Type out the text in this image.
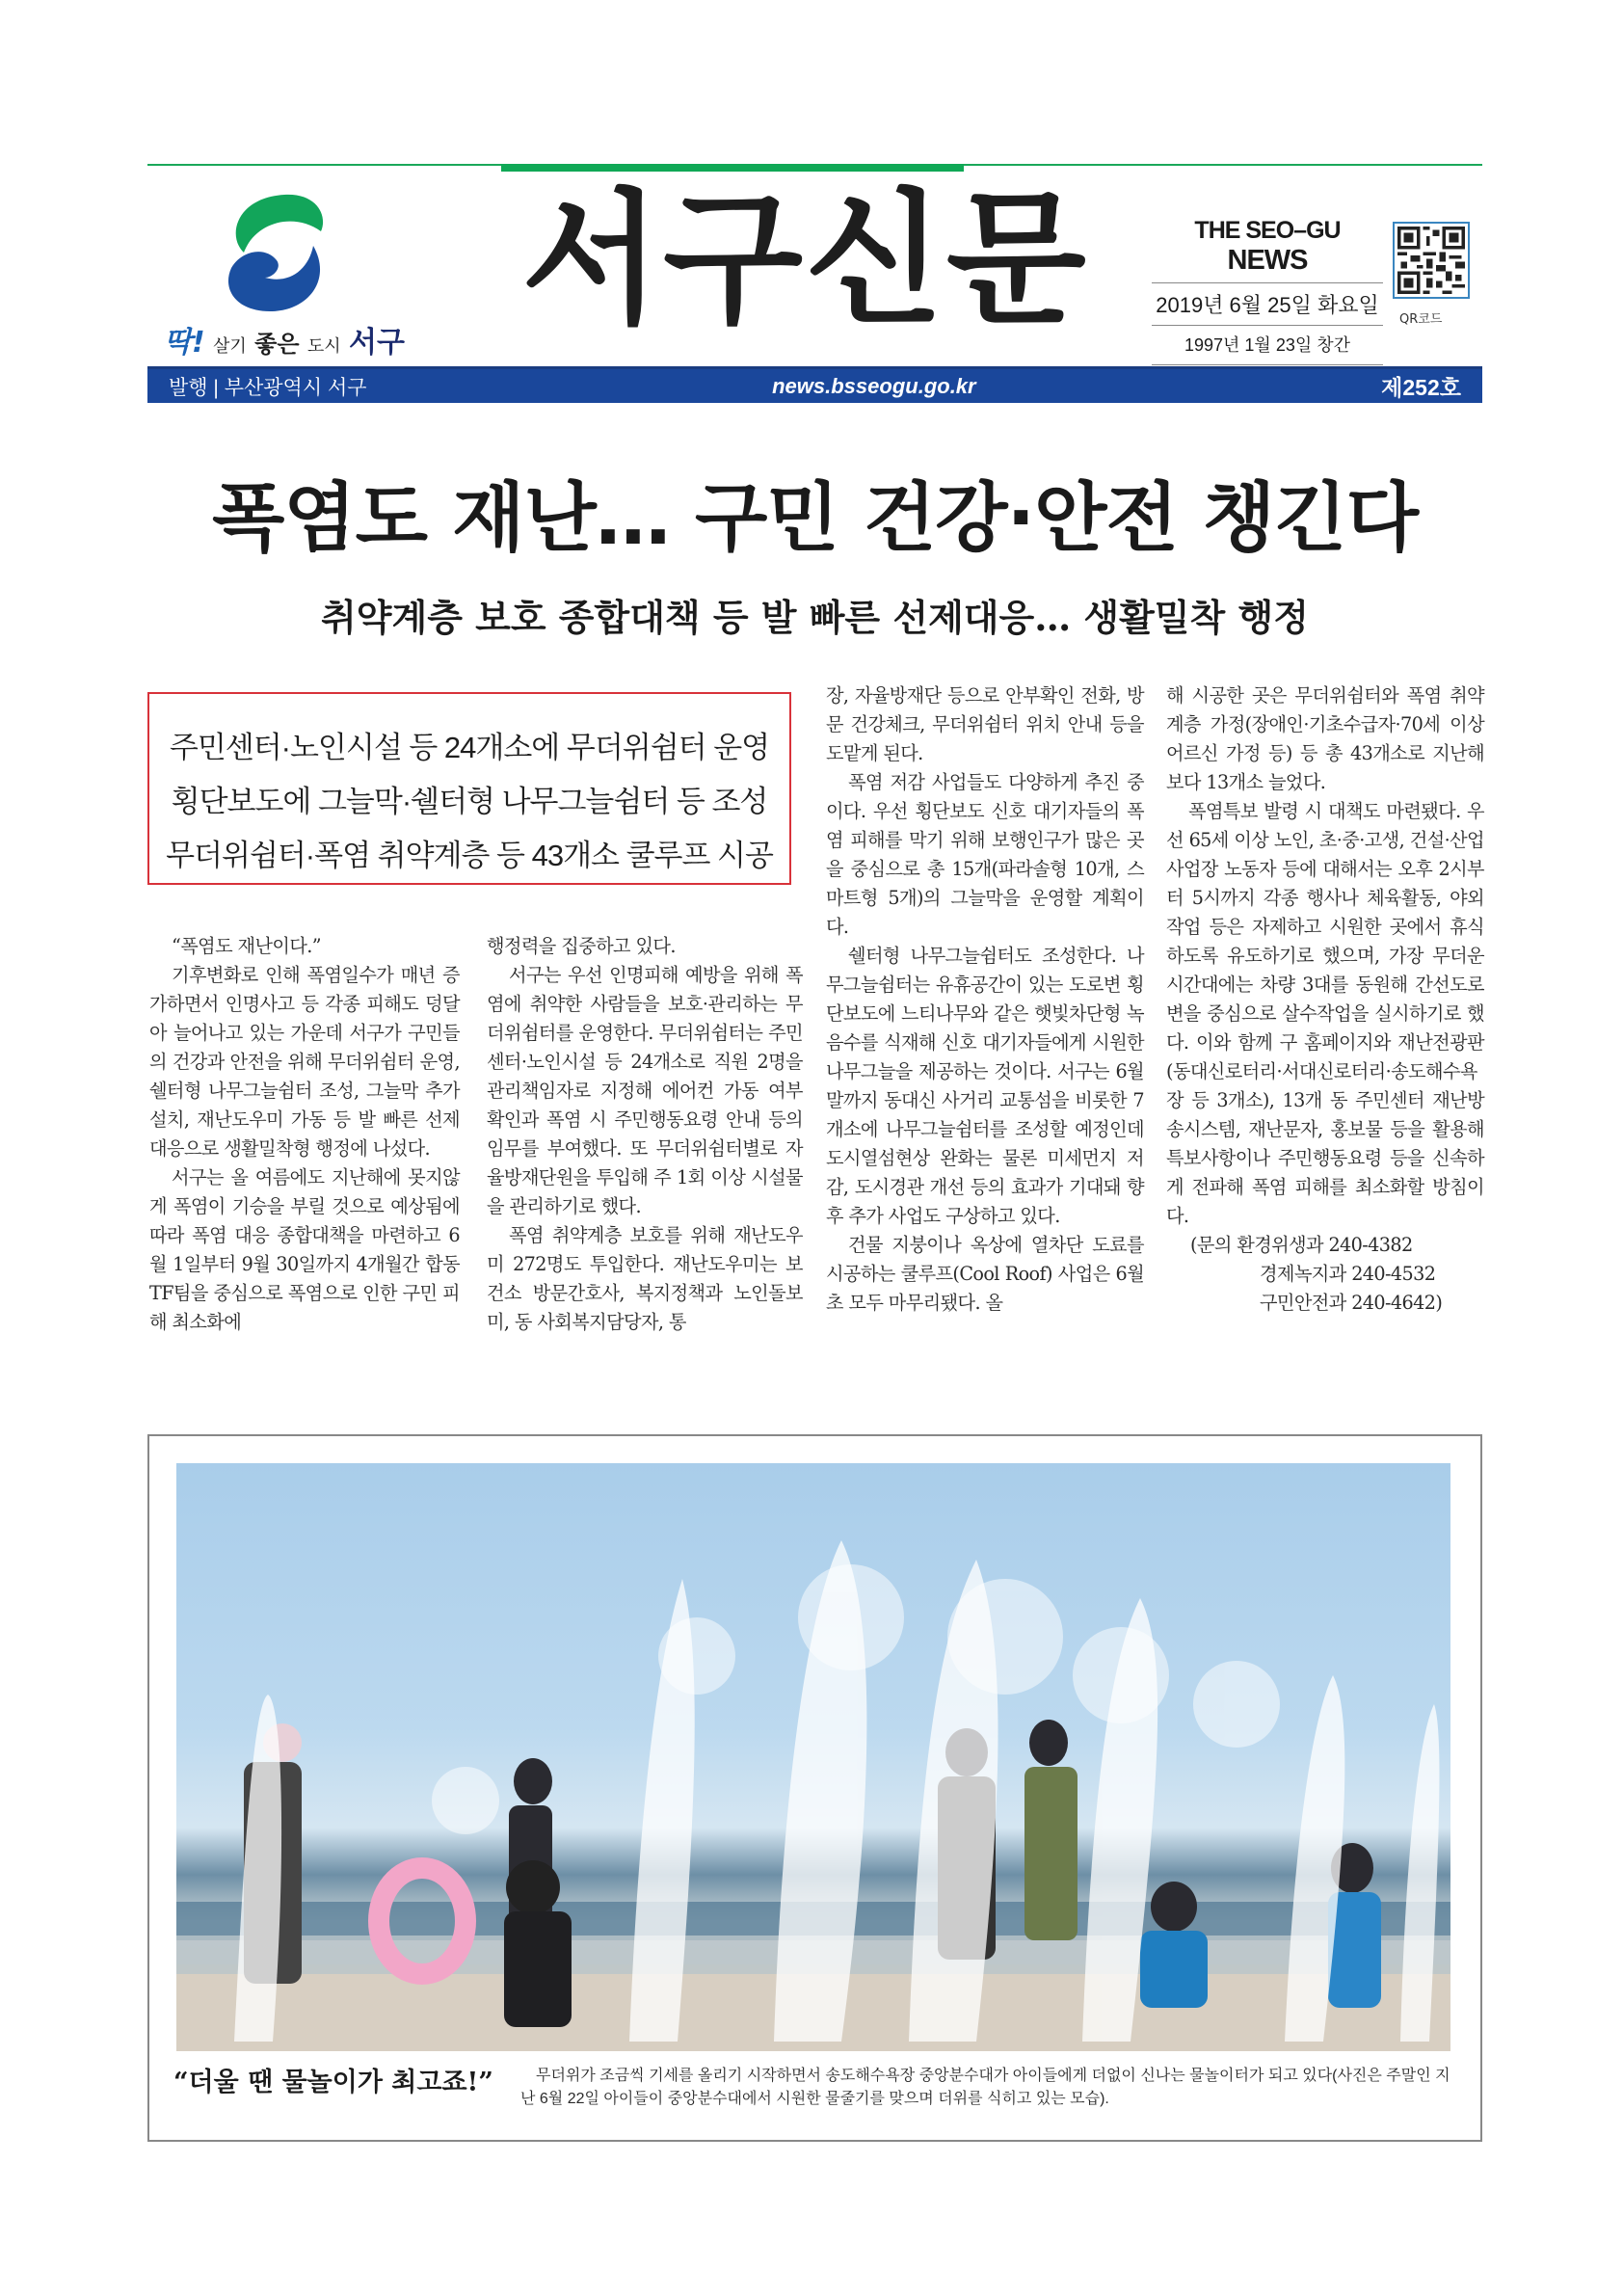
딱! 살기 좋은 도시 서구 서구신문	THE SEO–GU NEWS
2019년 6월 25일 화요일
1997년 1월 23일 창간
QR코드
발행 | 부산광역시 서구	news.bsseogu.go.kr	제252호
폭염도 재난… 구민 건강·안전 챙긴다
취약계층 보호 종합대책 등 발 빠른 선제대응… 생활밀착 행정
주민센터·노인시설 등 24개소에 무더위쉼터 운영
횡단보도에 그늘막·쉘터형 나무그늘쉼터 등 조성
무더위쉼터·폭염 취약계층 등 43개소 쿨루프 시공

“폭염도 재난이다.”

기후변화로 인해 폭염일수가 매년 증가하면서 인명사고 등 각종 피해도 덩달아 늘어나고 있는 가운데 서구가 구민들의 건강과 안전을 위해 무더위쉼터 운영, 쉘터형 나무그늘쉼터 조성, 그늘막 추가 설치, 재난도우미 가동 등 발 빠른 선제대응으로 생활밀착형 행정에 나섰다.

서구는 올 여름에도 지난해에 못지않게 폭염이 기승을 부릴 것으로 예상됨에 따라 폭염 대응 종합대책을 마련하고 6월 1일부터 9월 30일까지 4개월간 합동TF팀을 중심으로 폭염으로 인한 구민 피해 최소화에

행정력을 집중하고 있다.

서구는 우선 인명피해 예방을 위해 폭염에 취약한 사람들을 보호·관리하는 무더위쉼터를 운영한다. 무더위쉼터는 주민센터·노인시설 등 24개소로 직원 2명을 관리책임자로 지정해 에어컨 가동 여부 확인과 폭염 시 주민행동요령 안내 등의 임무를 부여했다. 또 무더위쉼터별로 자율방재단원을 투입해 주 1회 이상 시설물을 관리하기로 했다.

폭염 취약계층 보호를 위해 재난도우미 272명도 투입한다. 재난도우미는 보건소 방문간호사, 복지정책과 노인돌보미, 동 사회복지담당자, 통

장, 자율방재단 등으로 안부확인 전화, 방문 건강체크, 무더위쉼터 위치 안내 등을 도맡게 된다.

폭염 저감 사업들도 다양하게 추진 중이다. 우선 횡단보도 신호 대기자들의 폭염 피해를 막기 위해 보행인구가 많은 곳을 중심으로 총 15개(파라솔형 10개, 스마트형 5개)의 그늘막을 운영할 계획이다.

쉘터형 나무그늘쉼터도 조성한다. 나무그늘쉼터는 유휴공간이 있는 도로변 횡단보도에 느티나무와 같은 햇빛차단형 녹음수를 식재해 신호 대기자들에게 시원한 나무그늘을 제공하는 것이다. 서구는 6월 말까지 동대신 사거리 교통섬을 비롯한 7개소에 나무그늘쉼터를 조성할 예정인데 도시열섬현상 완화는 물론 미세먼지 저감, 도시경관 개선 등의 효과가 기대돼 향후 추가 사업도 구상하고 있다.

건물 지붕이나 옥상에 열차단 도료를 시공하는 쿨루프(Cool Roof) 사업은 6월 초 모두 마무리됐다. 올

해 시공한 곳은 무더위쉼터와 폭염 취약계층 가정(장애인·기초수급자·70세 이상 어르신 가정 등) 등 총 43개소로 지난해 보다 13개소 늘었다.

폭염특보 발령 시 대책도 마련됐다. 우선 65세 이상 노인, 초·중·고생, 건설·산업 사업장 노동자 등에 대해서는 오후 2시부터 5시까지 각종 행사나 체육활동, 야외작업 등은 자제하고 시원한 곳에서 휴식하도록 유도하기로 했으며, 가장 무더운 시간대에는 차량 3대를 동원해 간선도로변을 중심으로 살수작업을 실시하기로 했다. 이와 함께 구 홈페이지와 재난전광판(동대신로터리·서대신로터리·송도해수욕장 등 3개소), 13개 동 주민센터 재난방송시스템, 재난문자, 홍보물 등을 활용해 특보사항이나 주민행동요령 등을 신속하게 전파해 폭염 피해를 최소화할 방침이다.

(문의 환경위생과 240-4382
경제녹지과 240-4532
구민안전과 240-4642)

“더울 땐 물놀이가 최고죠!”	무더위가 조금씩 기세를 올리기 시작하면서 송도해수욕장 중앙분수대가 아이들에게 더없이 신나는 물놀이터가 되고 있다(사진은 주말인 지난 6월 22일 아이들이 중앙분수대에서 시원한 물줄기를 맞으며 더위를 식히고 있는 모습).
